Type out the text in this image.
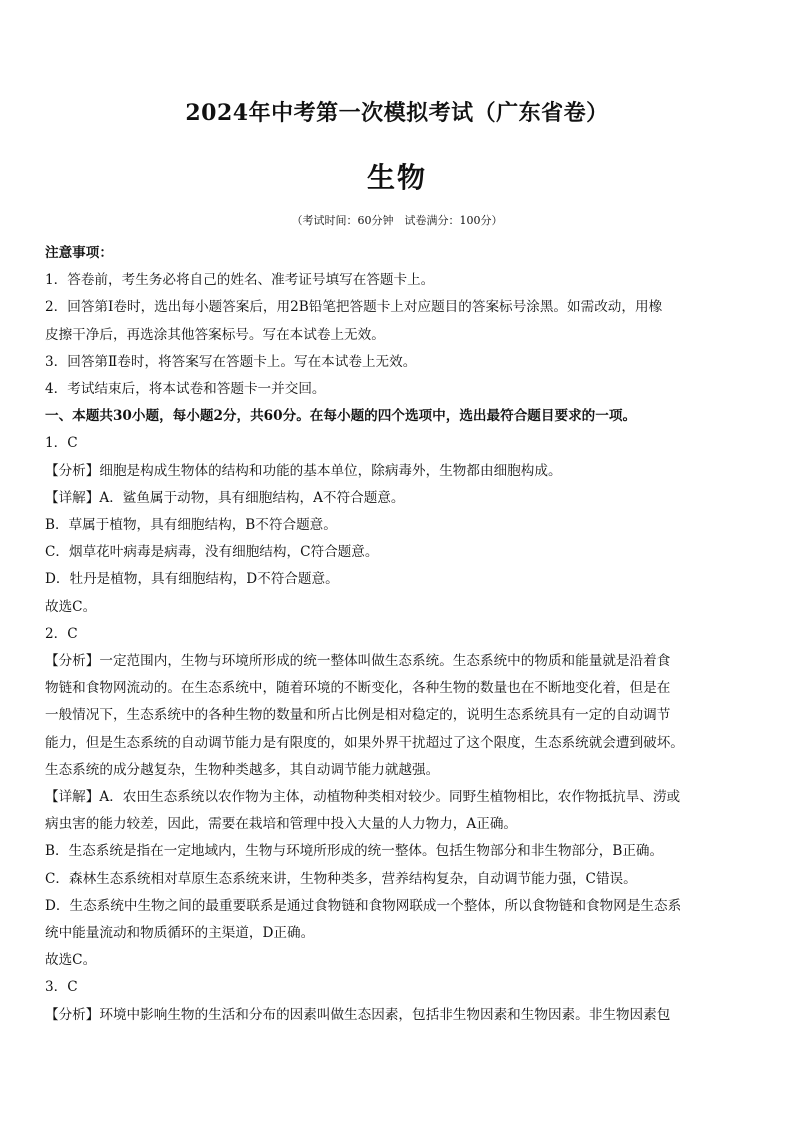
2024年中考第一次模拟考试（广东省卷）
生物
（考试时间：60分钟　试卷满分：100分）
注意事项：
1．答卷前，考生务必将自己的姓名、准考证号填写在答题卡上。
2．回答第Ⅰ卷时，选出每小题答案后，用2B铅笔把答题卡上对应题目的答案标号涂黑。如需改动，用橡
皮擦干净后，再选涂其他答案标号。写在本试卷上无效。
3．回答第Ⅱ卷时，将答案写在答题卡上。写在本试卷上无效。
4．考试结束后，将本试卷和答题卡一并交回。
一、本题共30小题，每小题2分，共60分。在每小题的四个选项中，选出最符合题目要求的一项。
1．C
【分析】细胞是构成生物体的结构和功能的基本单位，除病毒外，生物都由细胞构成。
【详解】A．鲨鱼属于动物，具有细胞结构，A不符合题意。
B．草属于植物，具有细胞结构，B不符合题意。
C．烟草花叶病毒是病毒，没有细胞结构，C符合题意。
D．牡丹是植物，具有细胞结构，D不符合题意。
故选C。
2．C
【分析】一定范围内，生物与环境所形成的统一整体叫做生态系统。生态系统中的物质和能量就是沿着食
物链和食物网流动的。在生态系统中，随着环境的不断变化，各种生物的数量也在不断地变化着，但是在
一般情况下，生态系统中的各种生物的数量和所占比例是相对稳定的，说明生态系统具有一定的自动调节
能力，但是生态系统的自动调节能力是有限度的，如果外界干扰超过了这个限度，生态系统就会遭到破坏。
生态系统的成分越复杂，生物种类越多，其自动调节能力就越强。
【详解】A．农田生态系统以农作物为主体，动植物种类相对较少。同野生植物相比，农作物抵抗旱、涝或
病虫害的能力较差，因此，需要在栽培和管理中投入大量的人力物力，A正确。
B．生态系统是指在一定地域内，生物与环境所形成的统一整体。包括生物部分和非生物部分，B正确。
C．森林生态系统相对草原生态系统来讲，生物种类多，营养结构复杂，自动调节能力强，C错误。
D．生态系统中生物之间的最重要联系是通过食物链和食物网联成一个整体，所以食物链和食物网是生态系
统中能量流动和物质循环的主渠道，D正确。
故选C。
3．C
【分析】环境中影响生物的生活和分布的因素叫做生态因素，包括非生物因素和生物因素。非生物因素包
